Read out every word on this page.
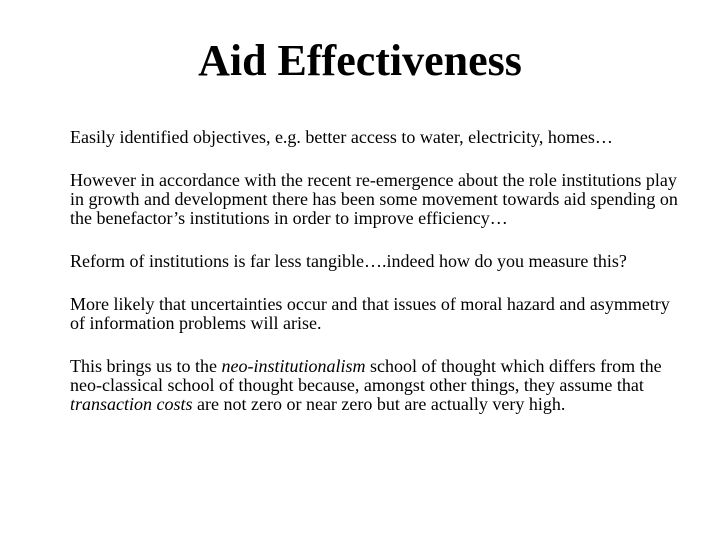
Aid Effectiveness

Easily identified objectives, e.g. better access to water, electricity, homes…

However in accordance with the recent re-emergence about the role institutions play in growth and development there has been some movement towards aid spending on the benefactor’s institutions in order to improve efficiency…

Reform of institutions is far less tangible….indeed how do you measure this?

More likely that uncertainties occur and that issues of moral hazard and asymmetry of information problems will arise.

This brings us to the neo-institutionalism school of thought which differs from the neo-classical school of thought because, amongst other things, they assume that transaction costs are not zero or near zero but are actually very high.
